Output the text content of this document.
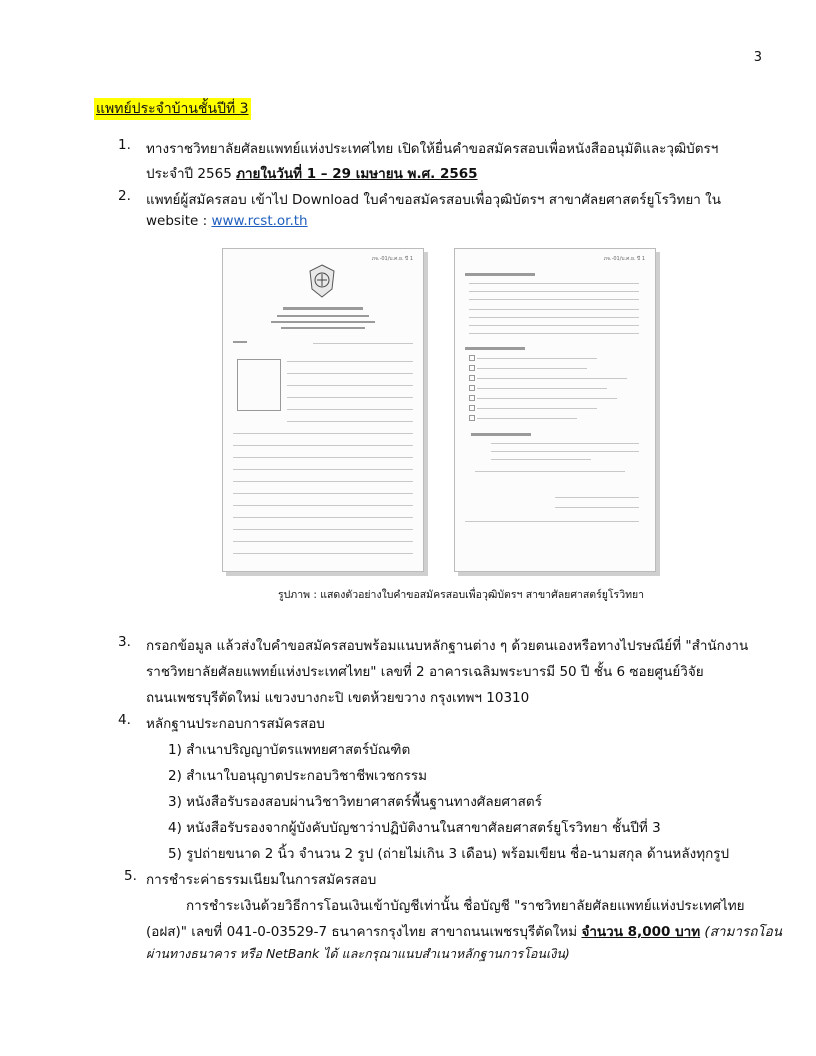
3
แพทย์ประจำบ้านชั้นปีที่ 3
1. ทางราชวิทยาลัยศัลยแพทย์แห่งประเทศไทย เปิดให้ยื่นคำขอสมัครสอบเพื่อหนังสืออนุมัติและวุฒิบัตรฯ
ประจำปี 2565 ภายในวันที่ 1 – 29 เมษายน พ.ศ. 2565
2. แพทย์ผู้สมัครสอบ เข้าไป Download ใบคำขอสมัครสอบเพื่อวุฒิบัตรฯ สาขาศัลยศาสตร์ยูโรวิทยา ใน
website : www.rcst.or.th
ภจ.-01/บ.ศ.ย. ปี 1	ภจ.-01/บ.ศ.ย. ปี 1
รูปภาพ : แสดงตัวอย่างใบคำขอสมัครสอบเพื่อวุฒิบัตรฯ สาขาศัลยศาสตร์ยูโรวิทยา
3. กรอกข้อมูล แล้วส่งใบคำขอสมัครสอบพร้อมแนบหลักฐานต่าง ๆ ด้วยตนเองหรือทางไปรษณีย์ที่ "สำนักงาน
ราชวิทยาลัยศัลยแพทย์แห่งประเทศไทย" เลขที่ 2 อาคารเฉลิมพระบารมี 50 ปี ชั้น 6 ซอยศูนย์วิจัย
ถนนเพชรบุรีตัดใหม่ แขวงบางกะปิ เขตห้วยขวาง กรุงเทพฯ 10310
4. หลักฐานประกอบการสมัครสอบ
1) สำเนาปริญญาบัตรแพทยศาสตร์บัณฑิต
2) สำเนาใบอนุญาตประกอบวิชาชีพเวชกรรม
3) หนังสือรับรองสอบผ่านวิชาวิทยาศาสตร์พื้นฐานทางศัลยศาสตร์
4) หนังสือรับรองจากผู้บังคับบัญชาว่าปฏิบัติงานในสาขาศัลยศาสตร์ยูโรวิทยา ชั้นปีที่ 3
5) รูปถ่ายขนาด 2 นิ้ว จำนวน 2 รูป (ถ่ายไม่เกิน 3 เดือน) พร้อมเขียน ชื่อ-นามสกุล ด้านหลังทุกรูป
5. การชำระค่าธรรมเนียมในการสมัครสอบ
การชำระเงินด้วยวิธีการโอนเงินเข้าบัญชีเท่านั้น ชื่อบัญชี "ราชวิทยาลัยศัลยแพทย์แห่งประเทศไทย
(อฝส)" เลขที่ 041-0-03529-7 ธนาคารกรุงไทย สาขาถนนเพชรบุรีตัดใหม่ จำนวน 8,000 บาท (สามารถโอน
ผ่านทางธนาคาร หรือ NetBank ได้ และกรุณาแนบสำเนาหลักฐานการโอนเงิน)
